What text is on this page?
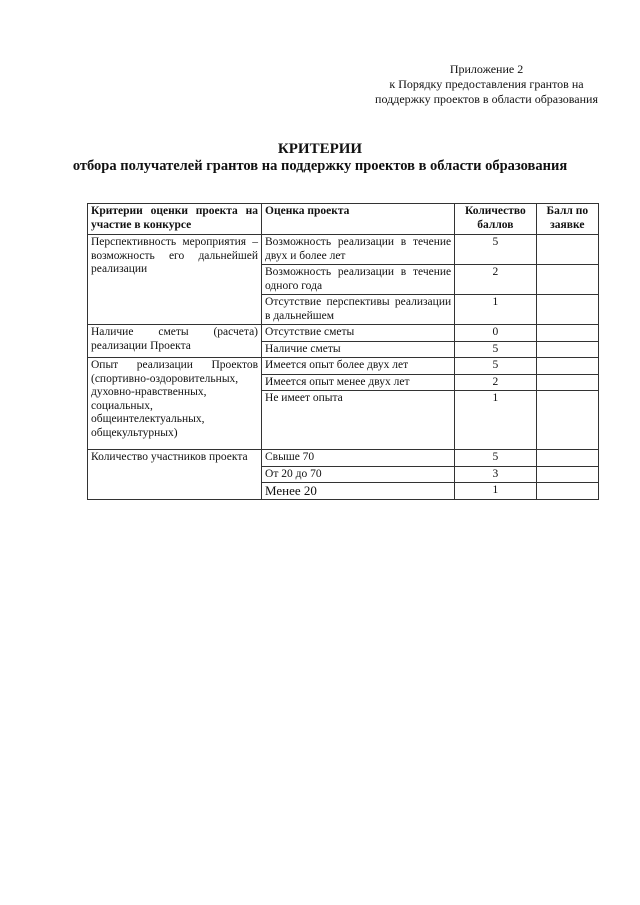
Приложение 2
к Порядку предоставления грантов на
поддержку проектов в области образования
КРИТЕРИИ
отбора получателей грантов на поддержку проектов в области образования
Критерии оценки проекта на участие в конкурсе	Оценка проекта	Количество баллов	Балл по заявке
Перспективность мероприятия – возможность его дальнейшей реализации	Возможность реализации в течение двух и более лет	5	
	Возможность реализации в течение одного года	2	
	Отсутствие перспективы реализации в дальнейшем	1	
Наличие сметы (расчета) реализации Проекта	Отсутствие сметы	0	
	Наличие сметы	5	
Опыт реализации Проектов (спортивно-оздоровительных, духовно-нравственных, социальных, общеинтелектуальных, общекультурных)	Имеется опыт более двух лет	5	
	Имеется опыт менее двух лет	2	
	Не имеет опыта	1	
Количество участников проекта	Свыше 70	5	
	От 20 до 70	3	
	Менее 20	1	
